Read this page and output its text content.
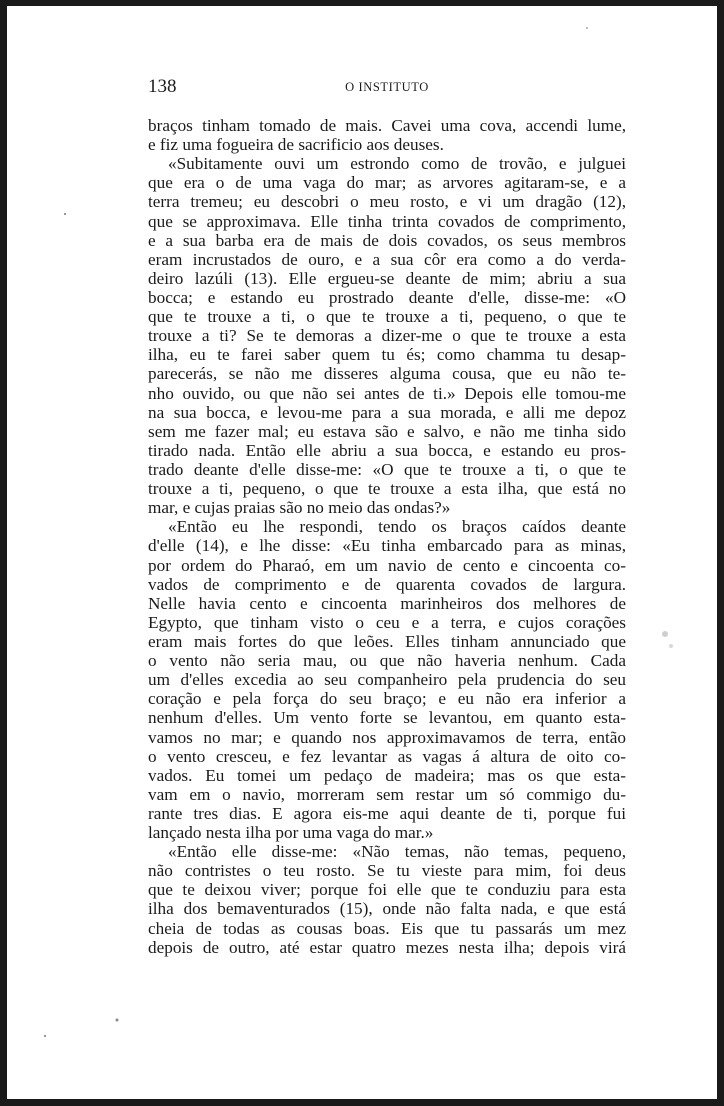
138	O INSTITUTO
braços tinham tomado de mais. Cavei uma cova, accendi lume,
e fiz uma fogueira de sacrificio aos deuses.
«Subitamente ouvi um estrondo como de trovão, e julguei
que era o de uma vaga do mar; as arvores agitaram-se, e a
terra tremeu; eu descobri o meu rosto, e vi um dragão (12),
que se approximava. Elle tinha trinta covados de comprimento,
e a sua barba era de mais de dois covados, os seus membros
eram incrustados de ouro, e a sua côr era como a do verda-
deiro lazúli (13). Elle ergueu-se deante de mim; abriu a sua
bocca; e estando eu prostrado deante d'elle, disse-me: «O
que te trouxe a ti, o que te trouxe a ti, pequeno, o que te
trouxe a ti? Se te demoras a dizer-me o que te trouxe a esta
ilha, eu te farei saber quem tu és; como chamma tu desap-
parecerás, se não me disseres alguma cousa, que eu não te-
nho ouvido, ou que não sei antes de ti.» Depois elle tomou-me
na sua bocca, e levou-me para a sua morada, e alli me depoz
sem me fazer mal; eu estava são e salvo, e não me tinha sido
tirado nada. Então elle abriu a sua bocca, e estando eu pros-
trado deante d'elle disse-me: «O que te trouxe a ti, o que te
trouxe a ti, pequeno, o que te trouxe a esta ilha, que está no
mar, e cujas praias são no meio das ondas?»
«Então eu lhe respondi, tendo os braços caídos deante
d'elle (14), e lhe disse: «Eu tinha embarcado para as minas,
por ordem do Pharaó, em um navio de cento e cincoenta co-
vados de comprimento e de quarenta covados de largura.
Nelle havia cento e cincoenta marinheiros dos melhores de
Egypto, que tinham visto o ceu e a terra, e cujos corações
eram mais fortes do que leões. Elles tinham annunciado que
o vento não seria mau, ou que não haveria nenhum. Cada
um d'elles excedia ao seu companheiro pela prudencia do seu
coração e pela força do seu braço; e eu não era inferior a
nenhum d'elles. Um vento forte se levantou, em quanto esta-
vamos no mar; e quando nos approximavamos de terra, então
o vento cresceu, e fez levantar as vagas á altura de oito co-
vados. Eu tomei um pedaço de madeira; mas os que esta-
vam em o navio, morreram sem restar um só commigo du-
rante tres dias. E agora eis-me aqui deante de ti, porque fui
lançado nesta ilha por uma vaga do mar.»
«Então elle disse-me: «Não temas, não temas, pequeno,
não contristes o teu rosto. Se tu vieste para mim, foi deus
que te deixou viver; porque foi elle que te conduziu para esta
ilha dos bemaventurados (15), onde não falta nada, e que está
cheia de todas as cousas boas. Eis que tu passarás um mez
depois de outro, até estar quatro mezes nesta ilha; depois virá
